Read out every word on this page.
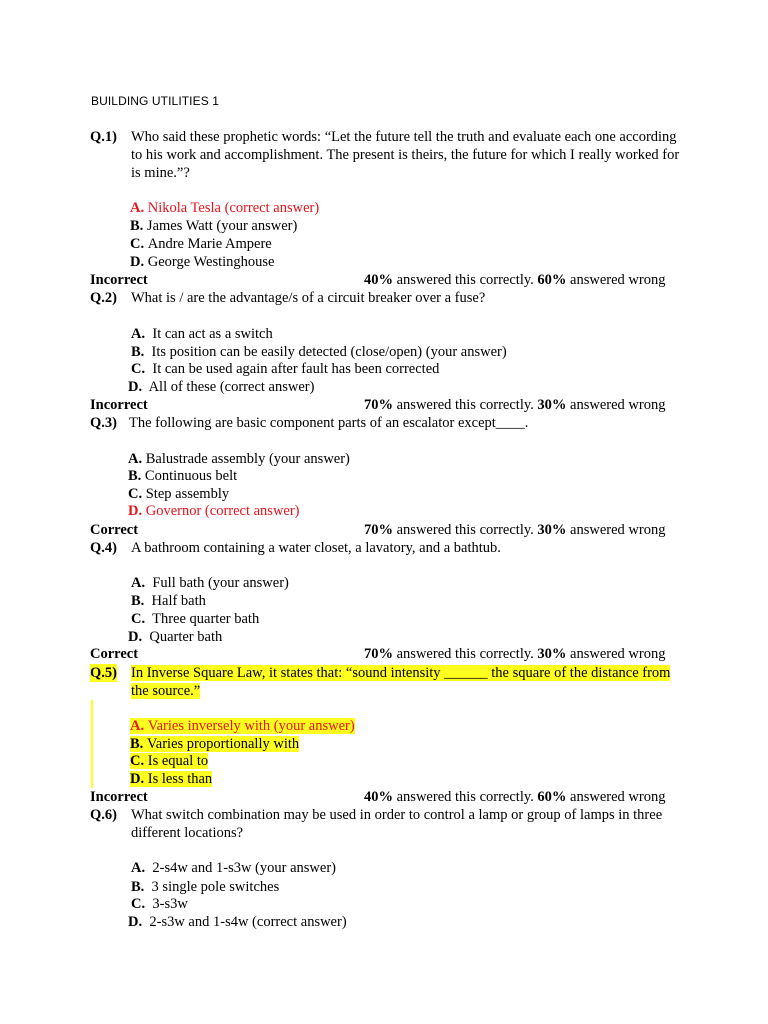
BUILDING UTILITIES 1
Q.1) Who said these prophetic words: “Let the future tell the truth and evaluate each one according to his work and accomplishment. The present is theirs, the future for which I really worked for is mine.”?
A. Nikola Tesla (correct answer)
B. James Watt (your answer)
C. Andre Marie Ampere
D. George Westinghouse
Incorrect	40% answered this correctly. 60% answered wrong
Q.2) What is / are the advantage/s of a circuit breaker over a fuse?
A. It can act as a switch
B. Its position can be easily detected (close/open) (your answer)
C. It can be used again after fault has been corrected
D. All of these (correct answer)
Incorrect	70% answered this correctly. 30% answered wrong
Q.3) The following are basic component parts of an escalator except____.
A. Balustrade assembly (your answer)
B. Continuous belt
C. Step assembly
D. Governor (correct answer)
Correct	70% answered this correctly. 30% answered wrong
Q.4) A bathroom containing a water closet, a lavatory, and a bathtub.
A. Full bath (your answer)
B. Half bath
C. Three quarter bath
D. Quarter bath
Correct	70% answered this correctly. 30% answered wrong
Q.5) In Inverse Square Law, it states that: “sound intensity ______ the square of the distance from the source.”
A. Varies inversely with (your answer)
B. Varies proportionally with
C. Is equal to
D. Is less than
Incorrect	40% answered this correctly. 60% answered wrong
Q.6) What switch combination may be used in order to control a lamp or group of lamps in three different locations?
A. 2-s4w and 1-s3w (your answer)
B. 3 single pole switches
C. 3-s3w
D. 2-s3w and 1-s4w (correct answer)
